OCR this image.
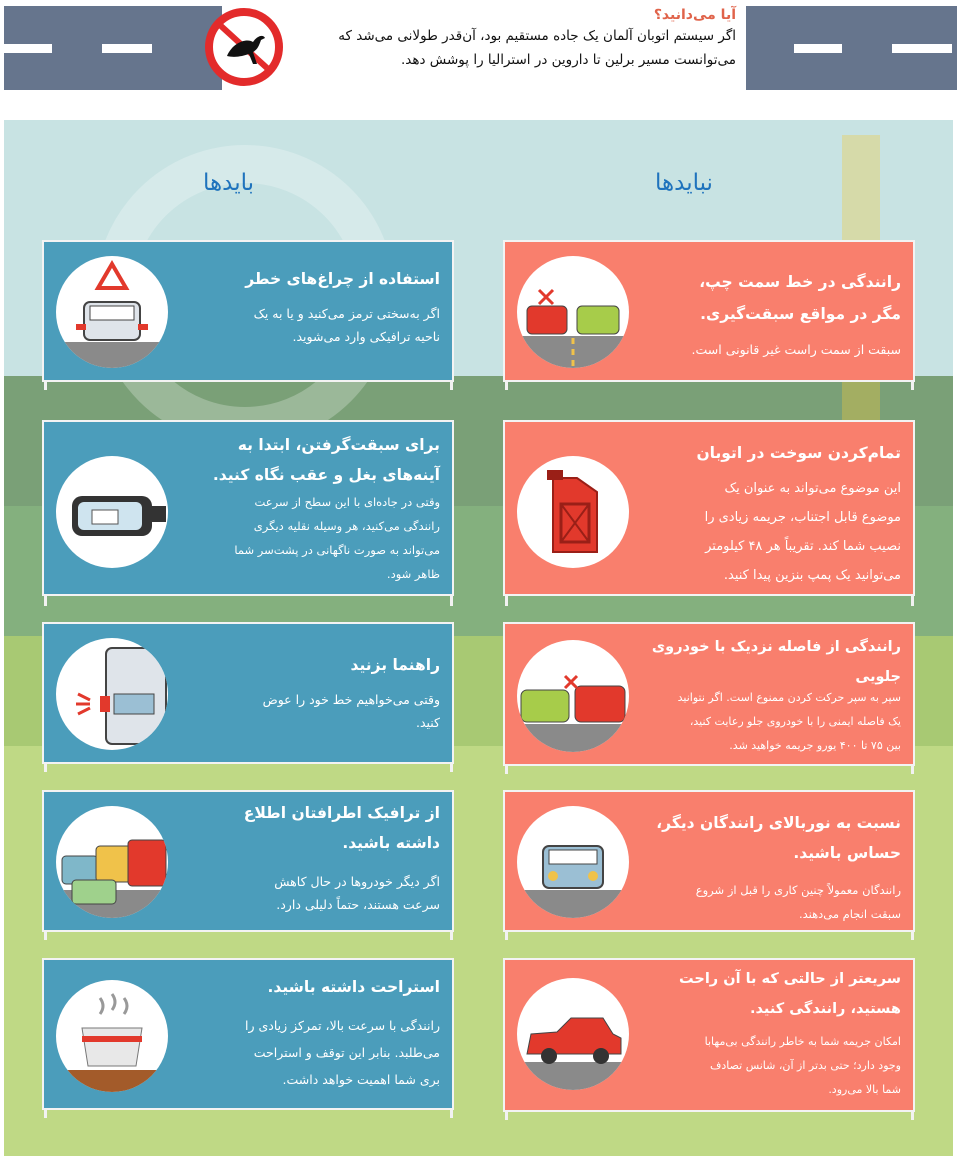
آیا می‌دانید؟
اگر سیستم اتوبان آلمان یک جاده مستقیم بود، آن‌قدر طولانی می‌شد که
می‌توانست مسیر برلین تا داروین در استرالیا را پوشش دهد.
بایدها	نبایدها
استفاده از چراغ‌های خطر
اگر به‌سختی ترمز می‌کنید و یا به یک
ناحیه ترافیکی وارد می‌شوید.
برای سبقت‌گرفتن، ابتدا به
آینه‌های بغل و عقب نگاه کنید.
وقتی در جاده‌ای با این سطح از سرعت
رانندگی می‌کنید، هر وسیله نقلیه دیگری
می‌تواند به صورت ناگهانی در پشت‌سر شما
ظاهر شود.
راهنما بزنید
وقتی می‌خواهیم خط خود را عوض
کنید.
از ترافیک اطرافتان اطلاع
داشته باشید.
اگر دیگر خودروها در حال کاهش
سرعت هستند، حتماً دلیلی دارد.
استراحت داشته باشید.
رانندگی با سرعت بالا، تمرکز زیادی را
می‌طلبد. بنابر این توقف و استراحت
بری شما اهمیت خواهد داشت.
رانندگی در خط سمت چپ،
مگر در مواقع سبقت‌گیری.
سبقت از سمت راست غیر قانونی است.
تمام‌کردن سوخت در اتوبان
این موضوع می‌تواند به عنوان یک
موضوع قابل اجتناب، جریمه زیادی را
نصیب شما کند. تقریباً هر ۴۸ کیلومتر
می‌توانید یک پمپ بنزین پیدا کنید.
رانندگی از فاصله نزدیک با خودروی
جلویی
سپر به سپر حرکت کردن ممنوع است. اگر نتوانید
یک فاصله ایمنی را با خودروی جلو رعایت کنید،
بین ۷۵ تا ۴۰۰ یورو جریمه خواهید شد.
نسبت به نوربالای رانندگان دیگر،
حساس باشید.
رانندگان معمولاً چنین کاری را قبل از شروع
سبقت انجام می‌دهند.
سریعتر از حالتی که با آن راحت
هستید، رانندگی کنید.
امکان جریمه شما به خاطر رانندگی بی‌مهابا
وجود دارد؛ حتی بدتر از آن، شانس تصادف
شما بالا می‌رود.
